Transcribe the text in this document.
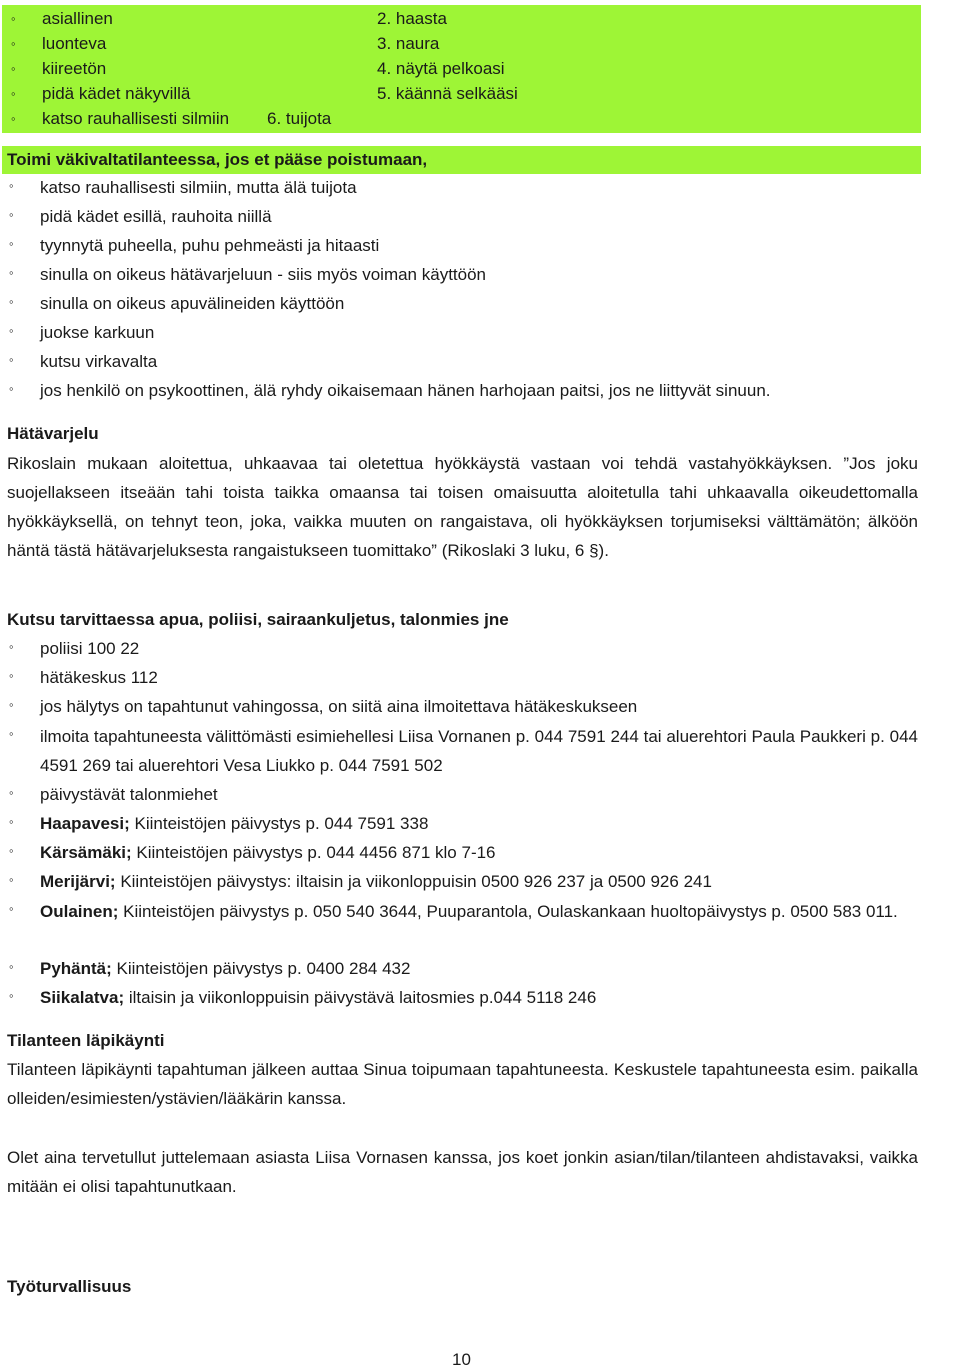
◦ asiallinen	2. haasta
◦ luonteva	3. naura
◦ kiireetön	4. näytä pelkoasi
◦ pidä kädet näkyvillä	5. käännä selkääsi
◦ katso rauhallisesti silmiin 6. tuijota
Toimi väkivaltatilanteessa, jos et pääse poistumaan,
◦ katso rauhallisesti silmiin, mutta älä tuijota
◦ pidä kädet esillä, rauhoita niillä
◦ tyynnytä puheella, puhu pehmeästi ja hitaasti
◦ sinulla on oikeus hätävarjeluun - siis myös voiman käyttöön
◦ sinulla on oikeus apuvälineiden käyttöön
◦ juokse karkuun
◦ kutsu virkavalta
◦ jos henkilö on psykoottinen, älä ryhdy oikaisemaan hänen harhojaan paitsi, jos ne liittyvät sinuun.
Hätävarjelu
Rikoslain mukaan aloitettua, uhkaavaa tai oletettua hyökkäystä vastaan voi tehdä vastahyökkäyksen. ”Jos joku suojellakseen itseään tahi toista taikka omaansa tai toisen omaisuutta aloitetulla tahi uhkaavalla oikeudettomalla hyökkäyksellä, on tehnyt teon, joka, vaikka muuten on rangaistava, oli hyökkäyksen torjumiseksi välttämätön; älköön häntä tästä hätävarjeluksesta rangaistukseen tuomittako” (Rikoslaki 3 luku, 6 §).
Kutsu tarvittaessa apua, poliisi, sairaankuljetus, talonmies jne
◦ poliisi 100 22
◦ hätäkeskus 112
◦ jos hälytys on tapahtunut vahingossa, on siitä aina ilmoitettava hätäkeskukseen
◦ ilmoita tapahtuneesta välittömästi esimiehellesi Liisa Vornanen p. 044 7591 244 tai aluerehtori Paula Paukkeri p. 044 4591 269 tai aluerehtori Vesa Liukko p. 044 7591 502
◦ päivystävät talonmiehet
◦ Haapavesi; Kiinteistöjen päivystys p. 044 7591 338
◦ Kärsämäki; Kiinteistöjen päivystys p. 044 4456 871 klo 7-16
◦ Merijärvi; Kiinteistöjen päivystys: iltaisin ja viikonloppuisin 0500 926 237 ja 0500 926 241
◦ Oulainen; Kiinteistöjen päivystys p. 050 540 3644, Puuparantola, Oulaskankaan huoltopäivystys p. 0500 583 011.
◦ Pyhäntä; Kiinteistöjen päivystys p. 0400 284 432
◦ Siikalatva; iltaisin ja viikonloppuisin päivystävä laitosmies p.044 5118 246
Tilanteen läpikäynti
Tilanteen läpikäynti tapahtuman jälkeen auttaa Sinua toipumaan tapahtuneesta. Keskustele tapahtuneesta esim. paikalla olleiden/esimiesten/ystävien/lääkärin kanssa.
Olet aina tervetullut juttelemaan asiasta Liisa Vornasen kanssa, jos koet jonkin asian/tilan/tilanteen ahdistavaksi, vaikka mitään ei olisi tapahtunutkaan.
Työturvallisuus
10
